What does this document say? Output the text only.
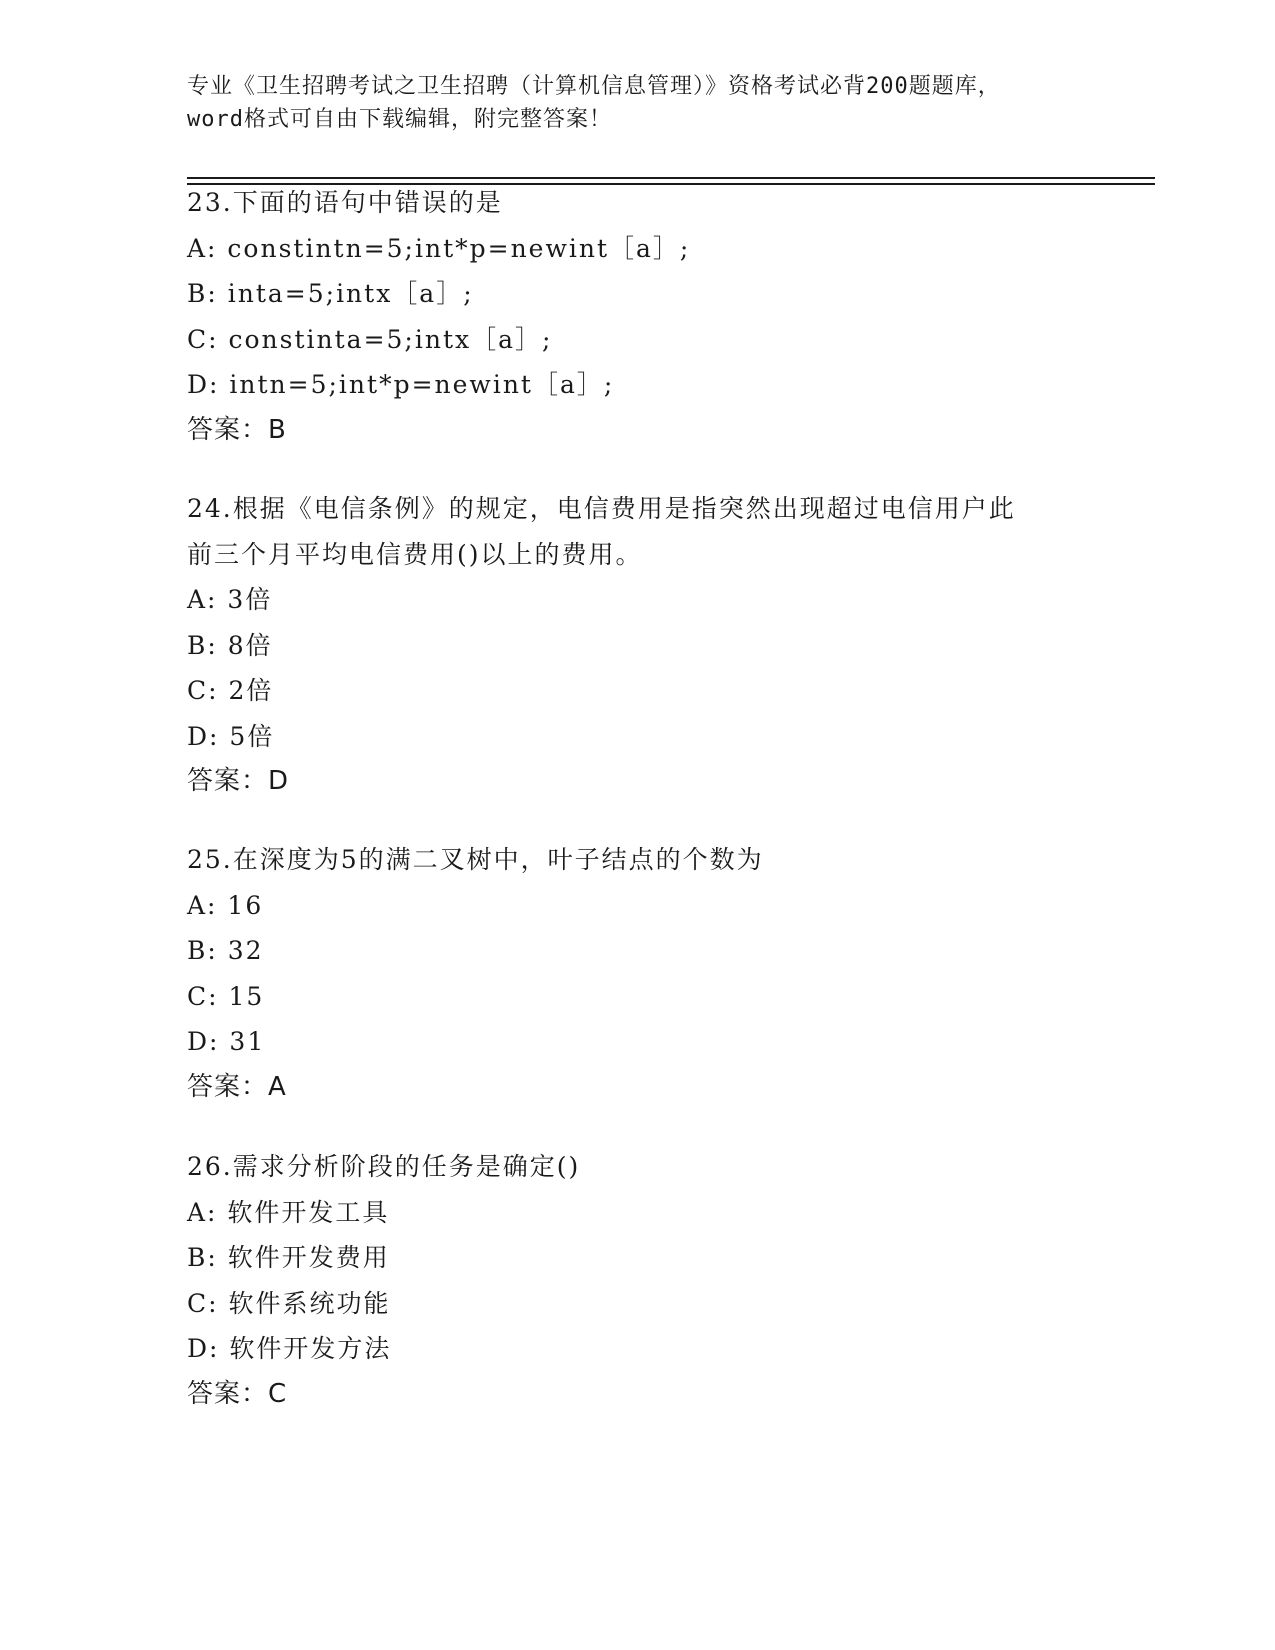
专业《卫生招聘考试之卫生招聘（计算机信息管理）》资格考试必背200题题库，
word格式可自由下载编辑，附完整答案！
23.下面的语句中错误的是
A: constintn=5;int*p=newint［a］;
B: inta=5;intx［a］;
C: constinta=5;intx［a］;
D: intn=5;int*p=newint［a］;
答案：B
24.根据《电信条例》的规定，电信费用是指突然出现超过电信用户此
前三个月平均电信费用()以上的费用。
A: 3倍
B: 8倍
C: 2倍
D: 5倍
答案：D
25.在深度为5的满二叉树中，叶子结点的个数为
A: 16
B: 32
C: 15
D: 31
答案：A
26.需求分析阶段的任务是确定()
A: 软件开发工具
B: 软件开发费用
C: 软件系统功能
D: 软件开发方法
答案：C
